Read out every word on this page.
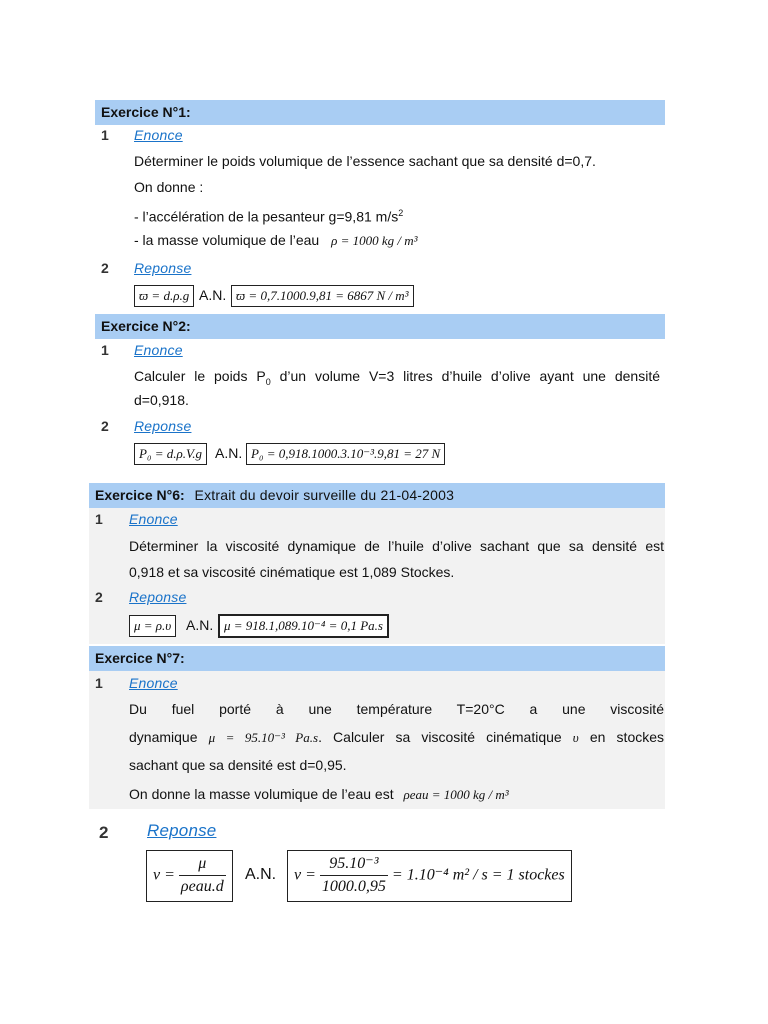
Exercice N°1:
1 Enonce
Déterminer le poids volumique de l’essence sachant que sa densité d=0,7.
On donne :
- l’accélération de la pesanteur g=9,81 $m/s^2$
- la masse volumique de l’eau ρ = 1000 kg / m³
2 Reponse
ϖ = d.ρ.g A.N. ϖ = 0,7.1000.9,81 = 6867 N / m³
Exercice N°2:
1 Enonce
Calculer le poids $P_0$ d’un volume V=3 litres d’huile d’olive ayant une densité
d=0,918.
2 Reponse
P₀ = d.ρ.V.g A.N. P₀ = 0,918.1000.3.10⁻³.9,81 = 27 N
Exercice N°6: Extrait du devoir surveille du 21-04-2003
1 Enonce
Déterminer la viscosité dynamique de l’huile d’olive sachant que sa densité est
0,918 et sa viscosité cinématique est 1,089 Stockes.
2 Reponse
μ = ρ.υ	A.N. μ = 918.1,089.10⁻⁴ = 0,1 Pa.s
Exercice N°7:
1 Enonce
Du fuel porté à une température T=20°C a une viscosité
dynamique μ = 95.10⁻³ Pa.s. Calculer sa viscosité cinématique υ en stockes
sachant que sa densité est d=0,95.
On donne la masse volumique de l’eau est ρeau = 1000 kg / m³
2 Reponse
$\nu = \frac{\mu}{\text{ρeau.d}} A.N$.	$\nu = \frac{\text{95.10⁻³}}{1000.0,95} = 1.10^{-4}$ m² / s = 1 stockes
